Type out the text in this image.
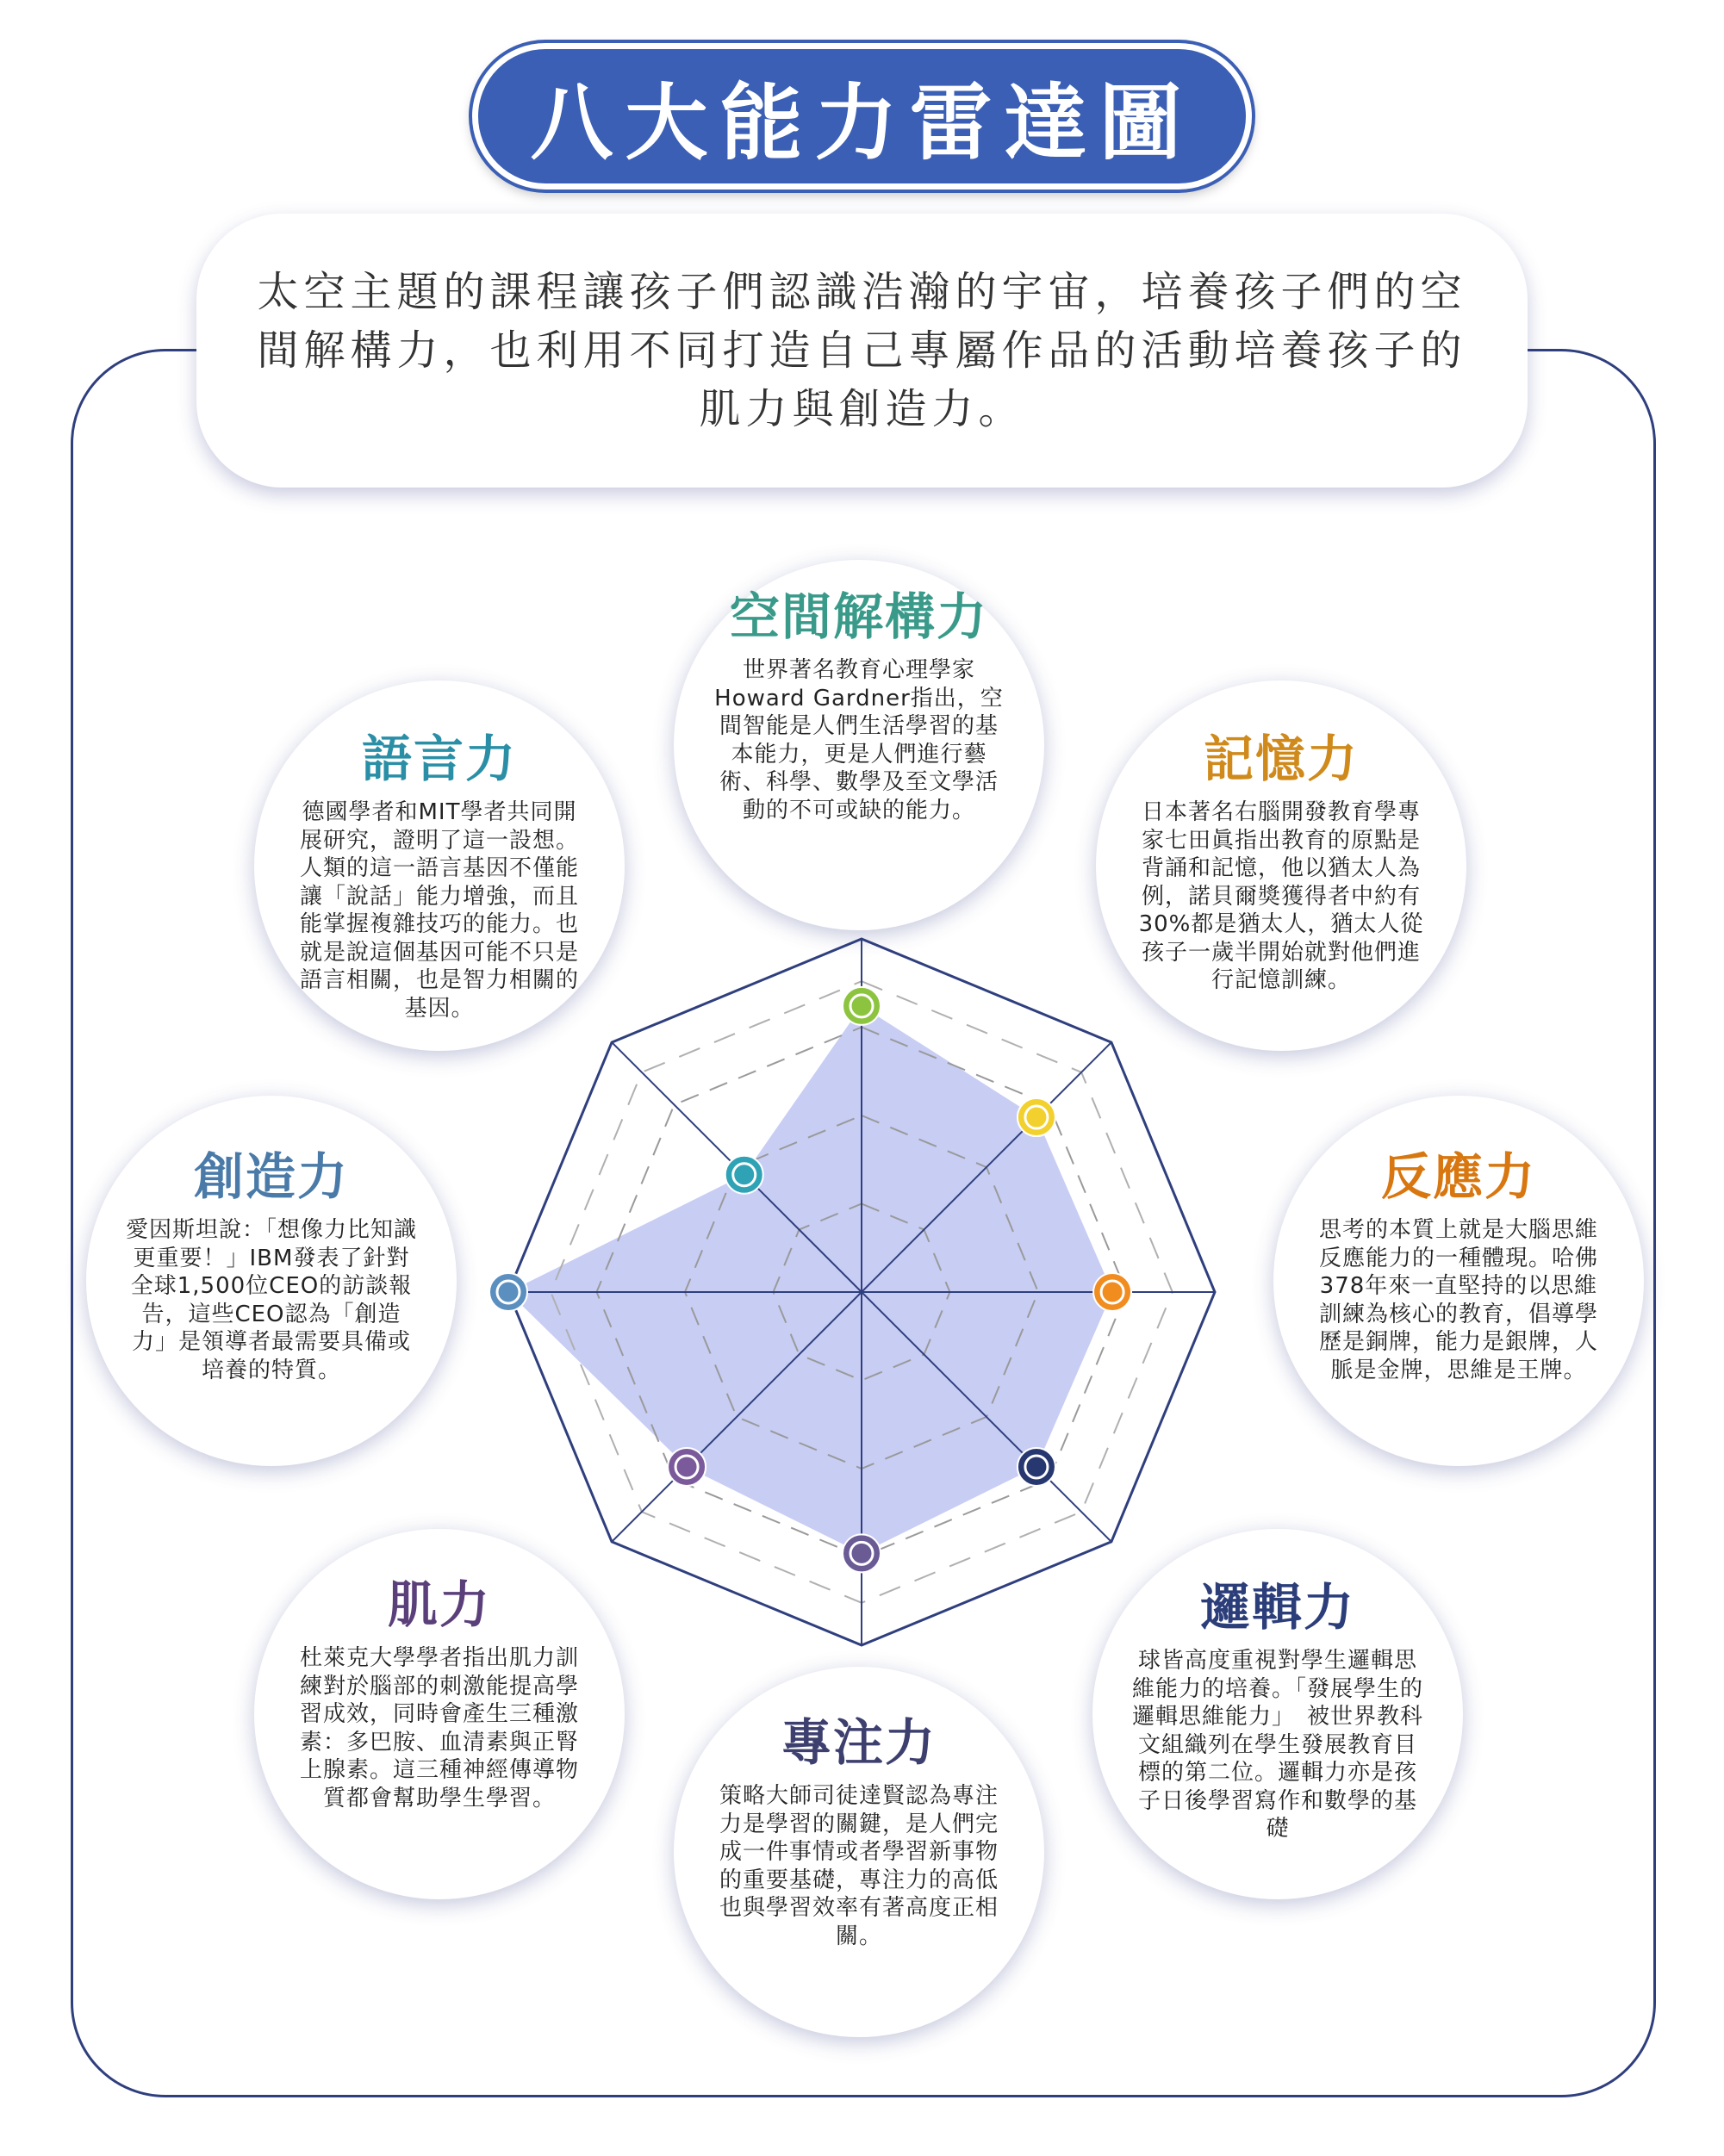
八大能力雷達圖

太空主題的課程讓孩子們認識浩瀚的宇宙，培養孩子們的空間解構力，也利用不同打造自己專屬作品的活動培養孩子的肌力與創造力。

空間解構力

世界著名教育心理學家Howard Gardner指出，空間智能是人們生活學習的基本能力，更是人們進行藝術、科學、數學及至文學活動的不可或缺的能力。

記憶力

日本著名右腦開發教育學專家七田眞指出教育的原點是背誦和記憶，他以猶太人為例，諾貝爾獎獲得者中約有30%都是猶太人，猶太人從孩子一歲半開始就對他們進行記憶訓練。

反應力

思考的本質上就是大腦思維反應能力的一種體現。哈佛378年來一直堅持的以思維訓練為核心的教育，倡導學歷是銅牌，能力是銀牌，人脈是金牌，思維是王牌。

邏輯力

球皆高度重視對學生邏輯思維能力的培養。「發展學生的邏輯思維能力」　被世界教科文組織列在學生發展教育目標的第二位。邏輯力亦是孩子日後學習寫作和數學的基礎

專注力

策略大師司徒達賢認為專注力是學習的關鍵，是人們完成一件事情或者學習新事物的重要基礎，專注力的高低也與學習效率有著高度正相關。

肌力

杜萊克大學學者指出肌力訓練對於腦部的刺激能提高學習成效，同時會產生三種激素：多巴胺、血清素與正腎上腺素。這三種神經傳導物質都會幫助學生學習。

創造力

愛因斯坦說：「想像力比知識更重要！」IBM發表了針對全球1,500位CEO的訪談報告，這些CEO認為「創造力」是領導者最需要具備或培養的特質。

語言力

德國學者和MIT學者共同開展研究，證明了這一設想。人類的這一語言基因不僅能讓「說話」能力增強，而且能掌握複雜技巧的能力。也就是說這個基因可能不只是語言相關，也是智力相關的基因。
